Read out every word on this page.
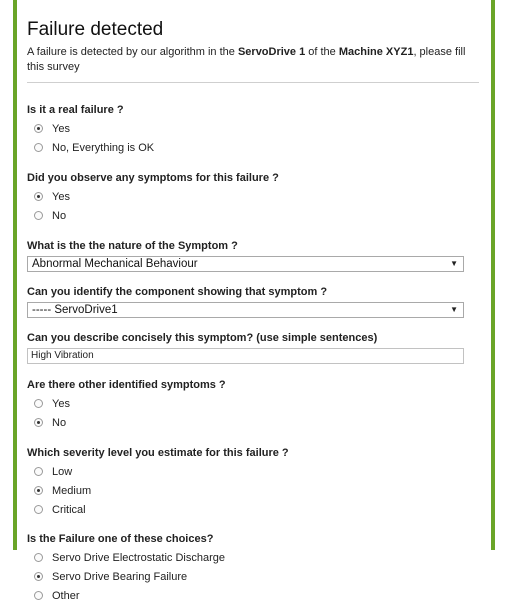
Failure detected

A failure is detected by our algorithm in the ServoDrive 1 of the Machine XYZ1, please fill this survey

Is it a real failure ?
Yes
No, Everything is OK
Did you observe any symptoms for this failure ?
Yes
No
What is the the nature of the Symptom ?
Abnormal Mechanical Behaviour	▼
Can you identify the component showing that symptom ?
----- ServoDrive1	▼
Can you describe concisely this symptom? (use simple sentences)
High Vibration
Are there other identified symptoms ?
Yes
No
Which severity level you estimate for this failure ?
Low
Medium
Critical
Is the Failure one of these choices?
Servo Drive Electrostatic Discharge
Servo Drive Bearing Failure
Other
